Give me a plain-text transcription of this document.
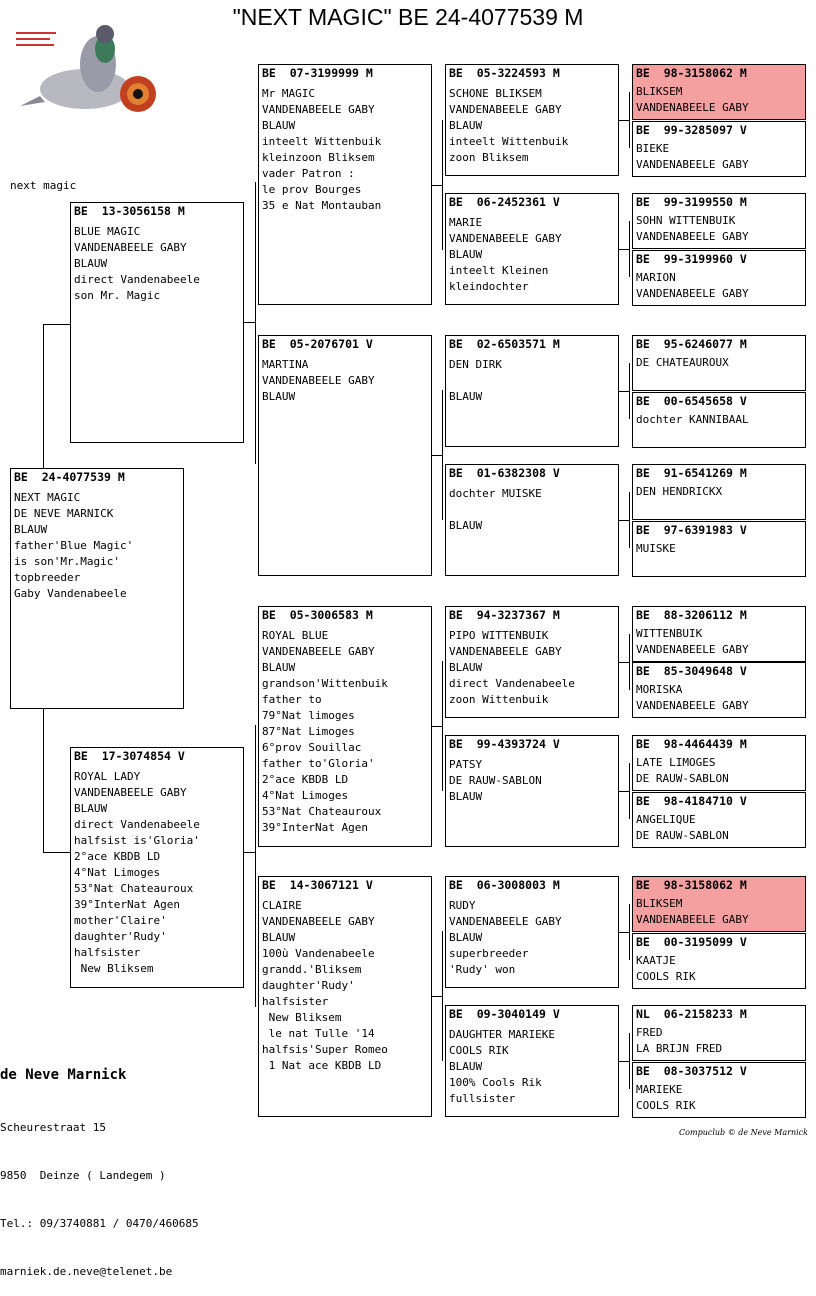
"NEXT MAGIC" BE 24-4077539 M
next magic
BE  24-4077539 M
NEXT MAGIC
DE NEVE MARNICK
BLAUW
father'Blue Magic'
is son'Mr.Magic'
topbreeder
Gaby Vandenabeele
BE  13-3056158 M
BLUE MAGIC
VANDENABEELE GABY
BLAUW
direct Vandenabeele
son Mr. Magic
BE  17-3074854 V
ROYAL LADY
VANDENABEELE GABY
BLAUW
direct Vandenabeele
halfsist is'Gloria'
2°ace KBDB LD
4°Nat Limoges
53°Nat Chateauroux
39°InterNat Agen
mother'Claire'
daughter'Rudy'
halfsister
New Bliksem
BE  07-3199999 M
Mr MAGIC
VANDENABEELE GABY
BLAUW
inteelt Wittenbuik
kleinzoon Bliksem
vader Patron :
le prov Bourges
35 e Nat Montauban
BE  05-2076701 V
MARTINA
VANDENABEELE GABY
BLAUW
BE  05-3006583 M
ROYAL BLUE
VANDENABEELE GABY
BLAUW
grandson'Wittenbuik
father to
79°Nat limoges
87°Nat Limoges
6°prov Souillac
father to'Gloria'
2°ace KBDB LD
4°Nat Limoges
53°Nat Chateauroux
39°InterNat Agen
BE  14-3067121 V
CLAIRE
VANDENABEELE GABY
BLAUW
100ù Vandenabeele
grandd.'Bliksem
daughter'Rudy'
halfsister
New Bliksem
le nat Tulle '14
halfsis'Super Romeo
1 Nat ace KBDB LD
BE  05-3224593 M
SCHONE BLIKSEM
VANDENABEELE GABY
BLAUW
inteelt Wittenbuik
zoon Bliksem
BE  06-2452361 V
MARIE
VANDENABEELE GABY
BLAUW
inteelt Kleinen
kleindochter
BE  02-6503571 M
DEN DIRK
BLAUW
BE  01-6382308 V
dochter MUISKE
BLAUW
BE  94-3237367 M
PIPO WITTENBUIK
VANDENABEELE GABY
BLAUW
direct Vandenabeele
zoon Wittenbuik
BE  99-4393724 V
PATSY
DE RAUW-SABLON
BLAUW
BE  06-3008003 M
RUDY
VANDENABEELE GABY
BLAUW
superbreeder
'Rudy' won
BE  09-3040149 V
DAUGHTER MARIEKE
COOLS RIK
BLAUW
100% Cools Rik
fullsister
BE  98-3158062 M
BLIKSEM
VANDENABEELE GABY
BE  99-3285097 V
BIEKE
VANDENABEELE GABY
BE  99-3199550 M
SOHN WITTENBUIK
VANDENABEELE GABY
BE  99-3199960 V
MARION
VANDENABEELE GABY
BE  95-6246077 M
DE CHATEAUROUX
BE  00-6545658 V
dochter KANNIBAAL
BE  91-6541269 M
DEN HENDRICKX
BE  97-6391983 V
MUISKE
BE  88-3206112 M
WITTENBUIK
VANDENABEELE GABY
BE  85-3049648 V
MORISKA
VANDENABEELE GABY
BE  98-4464439 M
LATE LIMOGES
DE RAUW-SABLON
BE  98-4184710 V
ANGELIQUE
DE RAUW-SABLON
BE  98-3158062 M
BLIKSEM
VANDENABEELE GABY
BE  00-3195099 V
KAATJE
COOLS RIK
NL  06-2158233 M
FRED
LA BRIJN FRED
BE  08-3037512 V
MARIEKE
COOLS RIK

de Neve Marnick

Scheurestraat 15

9850  Deinze ( Landegem )

Tel.: 09/3740881 / 0470/460685

marniek.de.neve@telenet.be

Compuclub © de Neve Marnick
